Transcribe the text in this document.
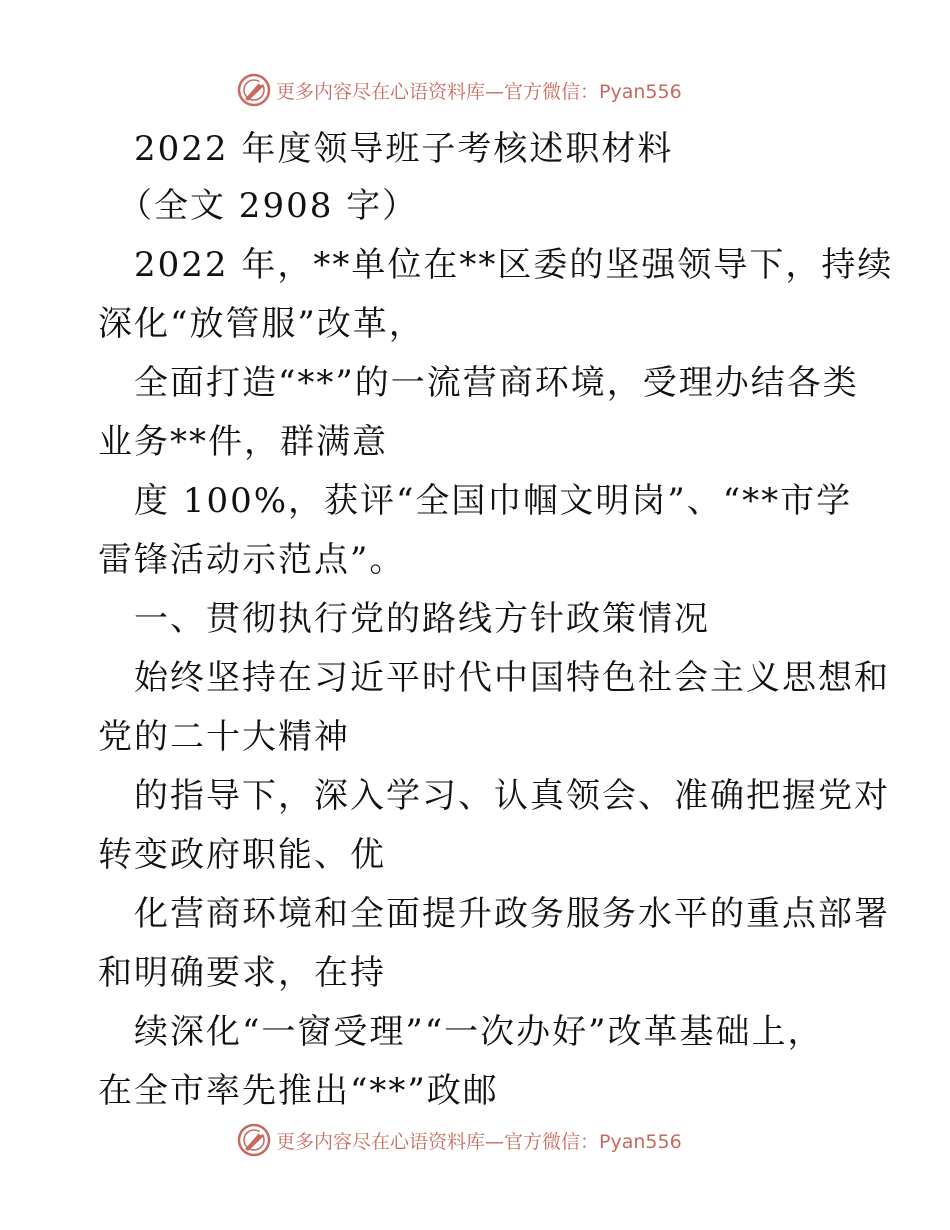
更多内容尽在心语资料库—官方微信：Pyan556
2022 年度领导班子考核述职材料
（全文 2908 字）
2022 年，**单位在**区委的坚强领导下，持续
深化“放管服”改革，
全面打造“**”的一流营商环境，受理办结各类
业务**件，群满意
度 100%，获评“全国巾帼文明岗”、“**市学
雷锋活动示范点”。
一、贯彻执行党的路线方针政策情况
始终坚持在习近平时代中国特色社会主义思想和
党的二十大精神
的指导下，深入学习、认真领会、准确把握党对
转变政府职能、优
化营商环境和全面提升政务服务水平的重点部署
和明确要求，在持
续深化“一窗受理”“一次办好”改革基础上，
在全市率先推出“**”政邮
更多内容尽在心语资料库—官方微信：Pyan556
